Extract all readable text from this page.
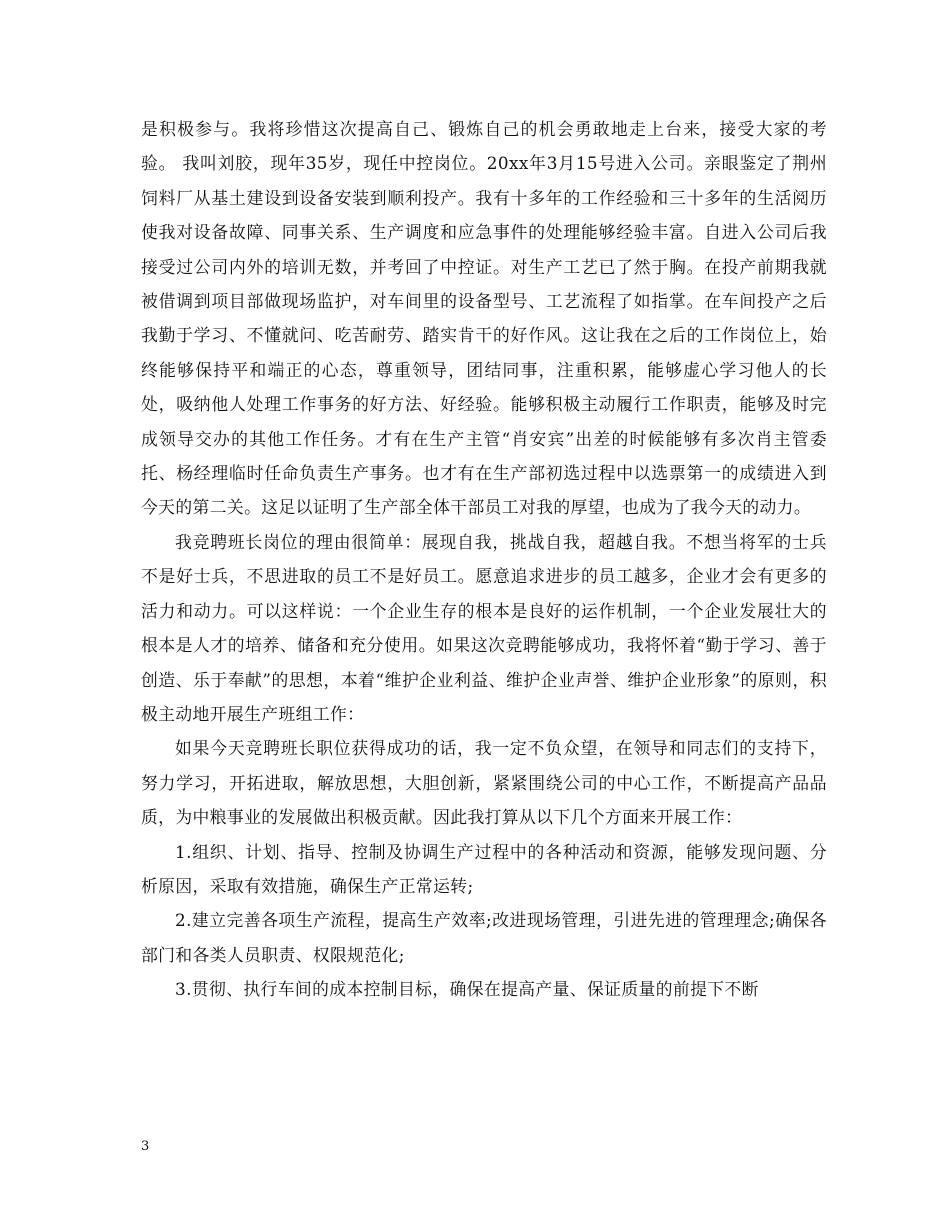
是积极参与。我将珍惜这次提高自己、锻炼自己的机会勇敢地走上台来，接受大家的考验。 我叫刘胶，现年35岁，现任中控岗位。20xx年3月15号进入公司。亲眼鉴定了荆州饲料厂从基土建设到设备安装到顺利投产。我有十多年的工作经验和三十多年的生活阅历使我对设备故障、同事关系、生产调度和应急事件的处理能够经验丰富。自进入公司后我接受过公司内外的培训无数，并考回了中控证。对生产工艺已了然于胸。在投产前期我就被借调到项目部做现场监护，对车间里的设备型号、工艺流程了如指掌。在车间投产之后我勤于学习、不懂就问、吃苦耐劳、踏实肯干的好作风。这让我在之后的工作岗位上，始终能够保持平和端正的心态，尊重领导，团结同事，注重积累，能够虚心学习他人的长处，吸纳他人处理工作事务的好方法、好经验。能够积极主动履行工作职责，能够及时完成领导交办的其他工作任务。才有在生产主管“肖安宾”出差的时候能够有多次肖主管委托、杨经理临时任命负责生产事务。也才有在生产部初选过程中以选票第一的成绩进入到今天的第二关。这足以证明了生产部全体干部员工对我的厚望，也成为了我今天的动力。

我竞聘班长岗位的理由很简单：展现自我，挑战自我，超越自我。不想当将军的士兵不是好士兵，不思进取的员工不是好员工。愿意追求进步的员工越多，企业才会有更多的活力和动力。可以这样说：一个企业生存的根本是良好的运作机制，一个企业发展壮大的根本是人才的培养、储备和充分使用。如果这次竞聘能够成功，我将怀着“勤于学习、善于创造、乐于奉献”的思想，本着“维护企业利益、维护企业声誉、维护企业形象”的原则，积极主动地开展生产班组工作：

如果今天竞聘班长职位获得成功的话，我一定不负众望，在领导和同志们的支持下，努力学习，开拓进取，解放思想，大胆创新，紧紧围绕公司的中心工作，不断提高产品品质，为中粮事业的发展做出积极贡献。因此我打算从以下几个方面来开展工作：

1.组织、计划、指导、控制及协调生产过程中的各种活动和资源，能够发现问题、分析原因，采取有效措施，确保生产正常运转;

2.建立完善各项生产流程，提高生产效率;改进现场管理，引进先进的管理理念;确保各部门和各类人员职责、权限规范化;

3.贯彻、执行车间的成本控制目标，确保在提高产量、保证质量的前提下不断

3
